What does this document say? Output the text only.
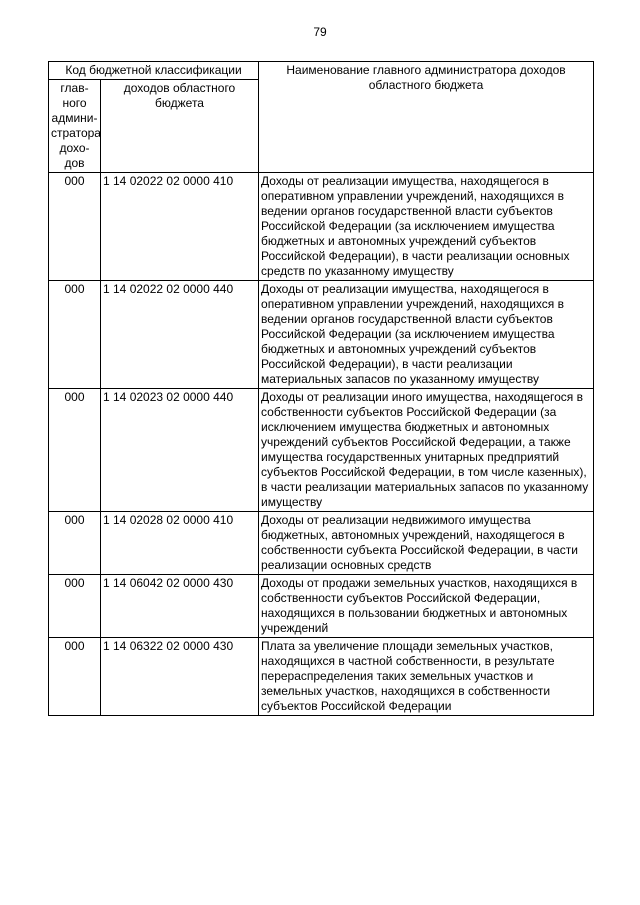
79
Код бюджетной классификации		Наименование главного администратора доходов областного бюджета
глав-ного админи-стратора дохо-дов	доходов областного бюджета	
000	1 14 02022 02 0000 410	Доходы от реализации имущества, находящегося в оперативном управлении учреждений, находящихся в ведении органов государственной власти субъектов Российской Федерации (за исключением имущества бюджетных и автономных учреждений субъектов Российской Федерации), в части реализации основных средств по указанному имуществу
000	1 14 02022 02 0000 440	Доходы от реализации имущества, находящегося в оперативном управлении учреждений, находящихся в ведении органов государственной власти субъектов Российской Федерации (за исключением имущества бюджетных и автономных учреждений субъектов Российской Федерации), в части реализации материальных запасов по указанному имуществу
000	1 14 02023 02 0000 440	Доходы от реализации иного имущества, находящегося в собственности субъектов Российской Федерации (за исключением имущества бюджетных и автономных учреждений субъектов Российской Федерации, а также имущества государственных унитарных предприятий субъектов Российской Федерации, в том числе казенных), в части реализации материальных запасов по указанному имуществу
000	1 14 02028 02 0000 410	Доходы от реализации недвижимого имущества бюджетных, автономных учреждений, находящегося в собственности субъекта Российской Федерации, в части реализации основных средств
000	1 14 06042 02 0000 430	Доходы от продажи земельных участков, находящихся в собственности субъектов Российской Федерации, находящихся в пользовании бюджетных и автономных учреждений
000	1 14 06322 02 0000 430	Плата за увеличение площади земельных участков, находящихся в частной собственности, в результате перераспределения таких земельных участков и земельных участков, находящихся в собственности субъектов Российской Федерации
